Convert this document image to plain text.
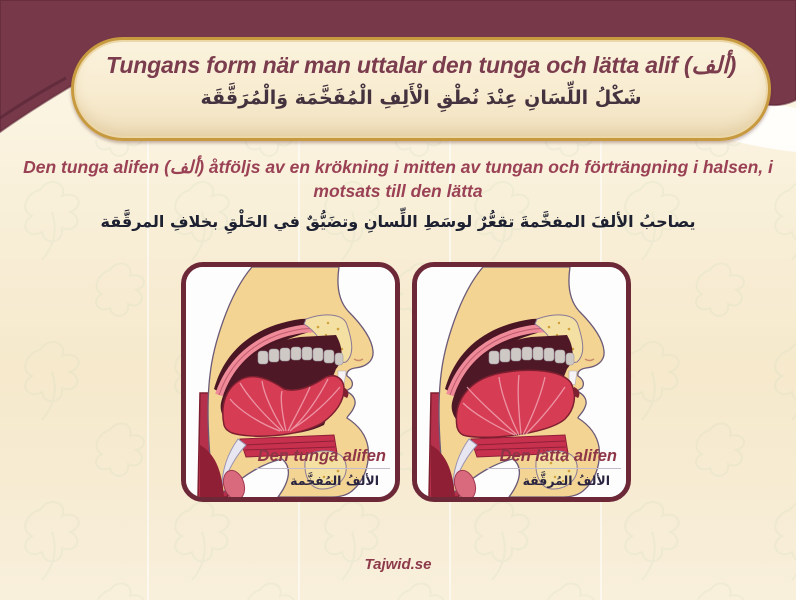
Tungans form när man uttalar den tunga och lätta alif (ألف)
شَكْلُ اللِّسَانِ عِنْدَ نُطْقِ الْأَلِفِ الْمُفَخَّمَة وَالْمُرَقَّقَة
Den tunga alifen (ألف) åtföljs av en krökning i mitten av tungan och förträngning i halsen, i motsats till den lätta
يصاحبُ الألفَ المفخَّمةَ تقعُّرٌ لوسَطِ اللِّسانِ وتضَيُّقٌ في الحَلْقِ بخلافِ المرقَّقة
Den tunga alifen
الألفُ المُفخَّمة
Den lätta alifen
الألفُ المُرقَّقة
Tajwid.se
